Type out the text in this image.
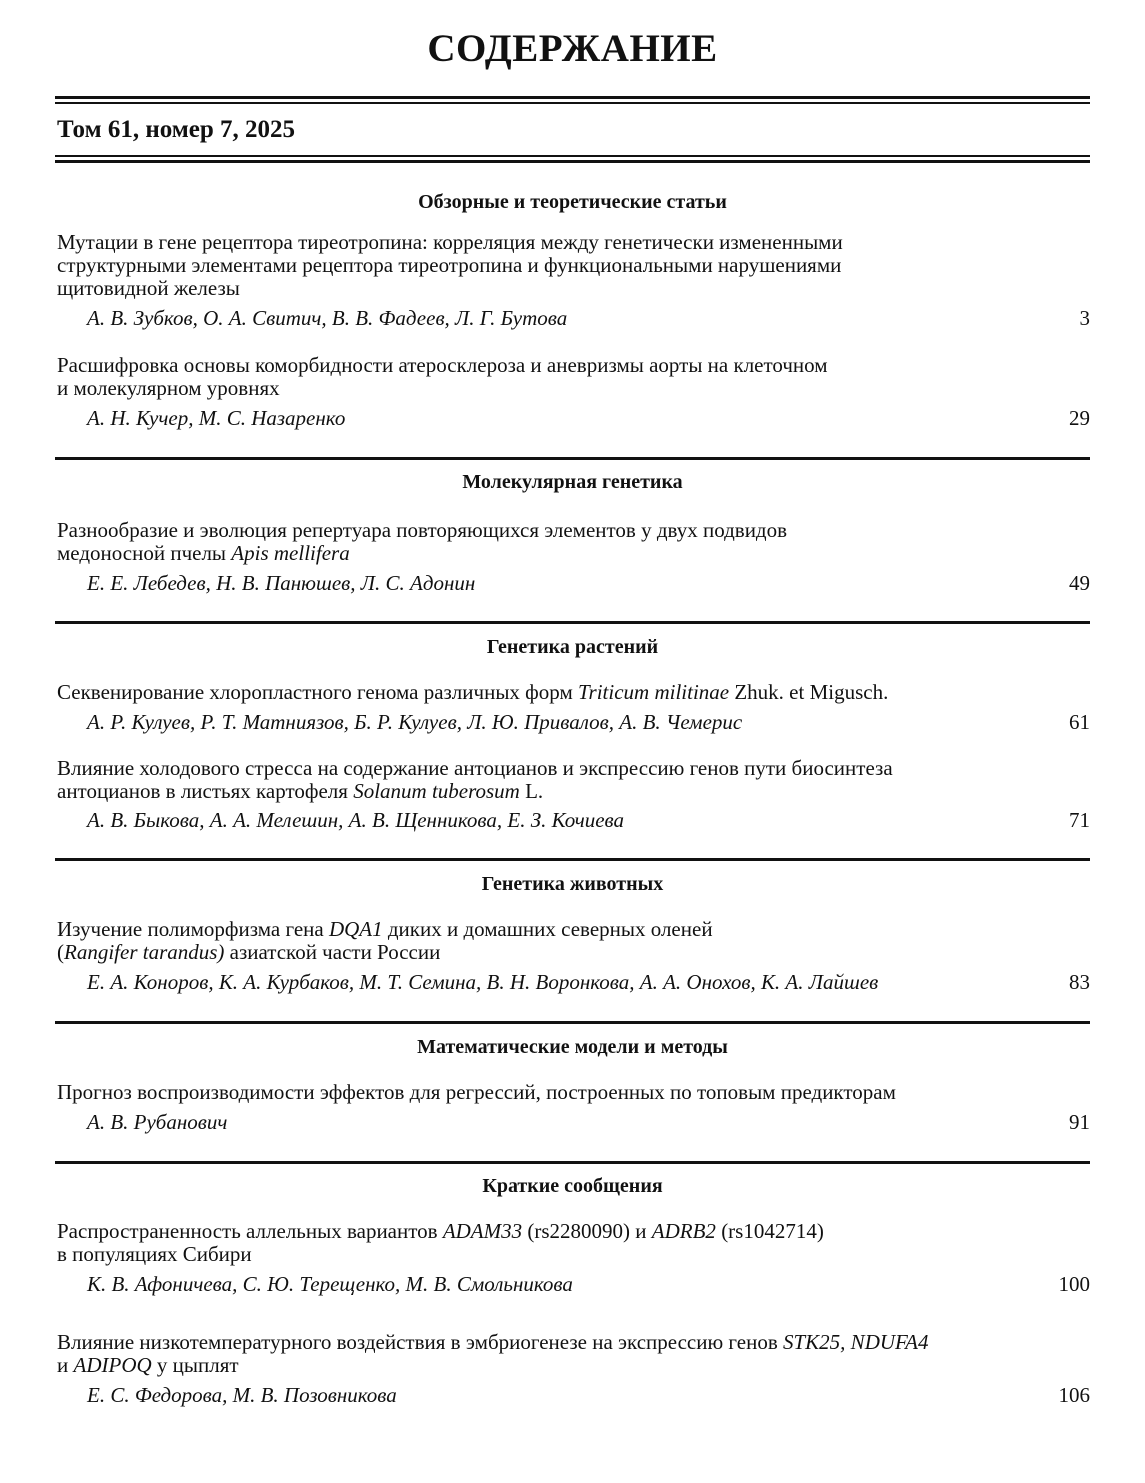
СОДЕРЖАНИЕ
Том 61, номер 7, 2025
Обзорные и теоретические статьи
Мутации в гене рецептора тиреотропина: корреляция между генетически измененными
структурными элементами рецептора тиреотропина и функциональными нарушениями
щитовидной железы
А. В. Зубков, О. А. Свитич, В. В. Фадеев, Л. Г. Бутова	3
Расшифровка основы коморбидности атеросклероза и аневризмы аорты на клеточном
и молекулярном уровнях
А. Н. Кучер, М. С. Назаренко	29
Молекулярная генетика
Разнообразие и эволюция репертуара повторяющихся элементов у двух подвидов
медоносной пчелы Apis mellifera
Е. Е. Лебедев, Н. В. Панюшев, Л. С. Адонин	49
Генетика растений
Секвенирование хлоропластного генома различных форм Triticum militinae Zhuk. et Migusch.
А. Р. Кулуев, Р. Т. Матниязов, Б. Р. Кулуев, Л. Ю. Привалов, А. В. Чемерис	61
Влияние холодового стресса на содержание антоцианов и экспрессию генов пути биосинтеза
антоцианов в листьях картофеля Solanum tuberosum L.
А. В. Быкова, А. А. Мелешин, А. В. Щенникова, Е. З. Кочиева	71
Генетика животных
Изучение полиморфизма гена DQA1 диких и домашних северных оленей
(Rangifer tarandus) азиатской части России
Е. А. Коноров, К. А. Курбаков, М. Т. Семина, В. Н. Воронкова, А. А. Онохов, К. А. Лайшев	83
Математические модели и методы
Прогноз воспроизводимости эффектов для регрессий, построенных по топовым предикторам
А. В. Рубанович	91
Краткие сообщения
Распространенность аллельных вариантов ADAM33 (rs2280090) и ADRB2 (rs1042714)
в популяциях Сибири
К. В. Афоничева, С. Ю. Терещенко, М. В. Смольникова	100
Влияние низкотемпературного воздействия в эмбриогенезе на экспрессию генов STK25, NDUFA4
и ADIPOQ у цыплят
Е. С. Федорова, М. В. Позовникова	106
